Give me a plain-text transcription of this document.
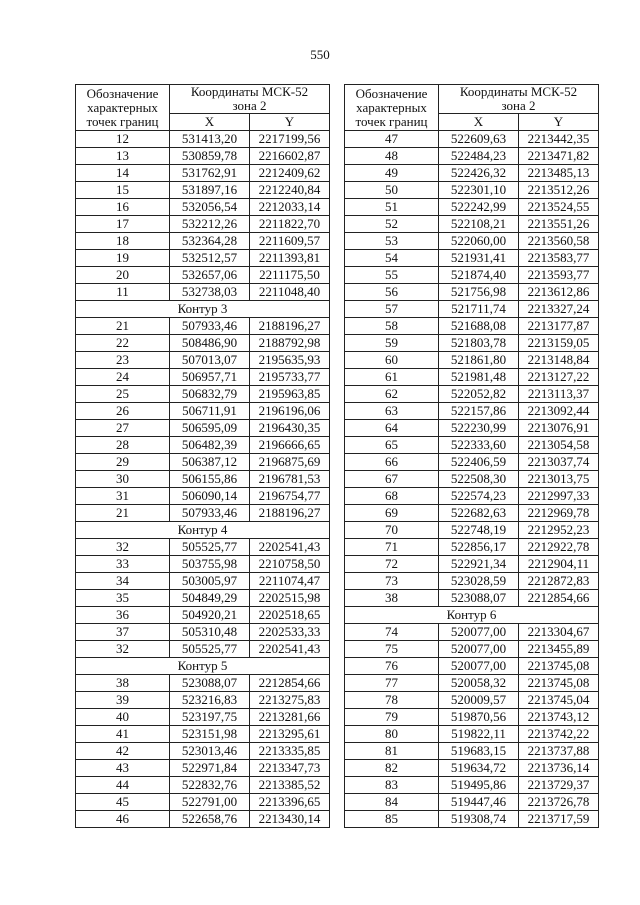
550
Обозначение
характерных
точек границ	Координаты МСК-52
зона 2	

	X	Y
12	531413,20	2217199,56
13	530859,78	2216602,87
14	531762,91	2212409,62
15	531897,16	2212240,84
16	532056,54	2212033,14
17	532212,26	2211822,70
18	532364,28	2211609,57
19	532512,57	2211393,81
20	532657,06	2211175,50
11	532738,03	2211048,40
Контур 3		
21	507933,46	2188196,27
22	508486,90	2188792,98
23	507013,07	2195635,93
24	506957,71	2195733,77
25	506832,79	2195963,85
26	506711,91	2196196,06
27	506595,09	2196430,35
28	506482,39	2196666,65
29	506387,12	2196875,69
30	506155,86	2196781,53
31	506090,14	2196754,77
21	507933,46	2188196,27
Контур 4		
32	505525,77	2202541,43
33	503755,98	2210758,50
34	503005,97	2211074,47
35	504849,29	2202515,98
36	504920,21	2202518,65
37	505310,48	2202533,33
32	505525,77	2202541,43
Контур 5		
38	523088,07	2212854,66
39	523216,83	2213275,83
40	523197,75	2213281,66
41	523151,98	2213295,61
42	523013,46	2213335,85
43	522971,84	2213347,73
44	522832,76	2213385,52
45	522791,00	2213396,65
46	522658,76	2213430,14
Обозначение
характерных
точек границ	Координаты МСК-52
зона 2	

	X	Y
47	522609,63	2213442,35
48	522484,23	2213471,82
49	522426,32	2213485,13
50	522301,10	2213512,26
51	522242,99	2213524,55
52	522108,21	2213551,26
53	522060,00	2213560,58
54	521931,41	2213583,77
55	521874,40	2213593,77
56	521756,98	2213612,86
57	521711,74	2213327,24
58	521688,08	2213177,87
59	521803,78	2213159,05
60	521861,80	2213148,84
61	521981,48	2213127,22
62	522052,82	2213113,37
63	522157,86	2213092,44
64	522230,99	2213076,91
65	522333,60	2213054,58
66	522406,59	2213037,74
67	522508,30	2213013,75
68	522574,23	2212997,33
69	522682,63	2212969,78
70	522748,19	2212952,23
71	522856,17	2212922,78
72	522921,34	2212904,11
73	523028,59	2212872,83
38	523088,07	2212854,66
Контур 6		
74	520077,00	2213304,67
75	520077,00	2213455,89
76	520077,00	2213745,08
77	520058,32	2213745,08
78	520009,57	2213745,04
79	519870,56	2213743,12
80	519822,11	2213742,22
81	519683,15	2213737,88
82	519634,72	2213736,14
83	519495,86	2213729,37
84	519447,46	2213726,78
85	519308,74	2213717,59
